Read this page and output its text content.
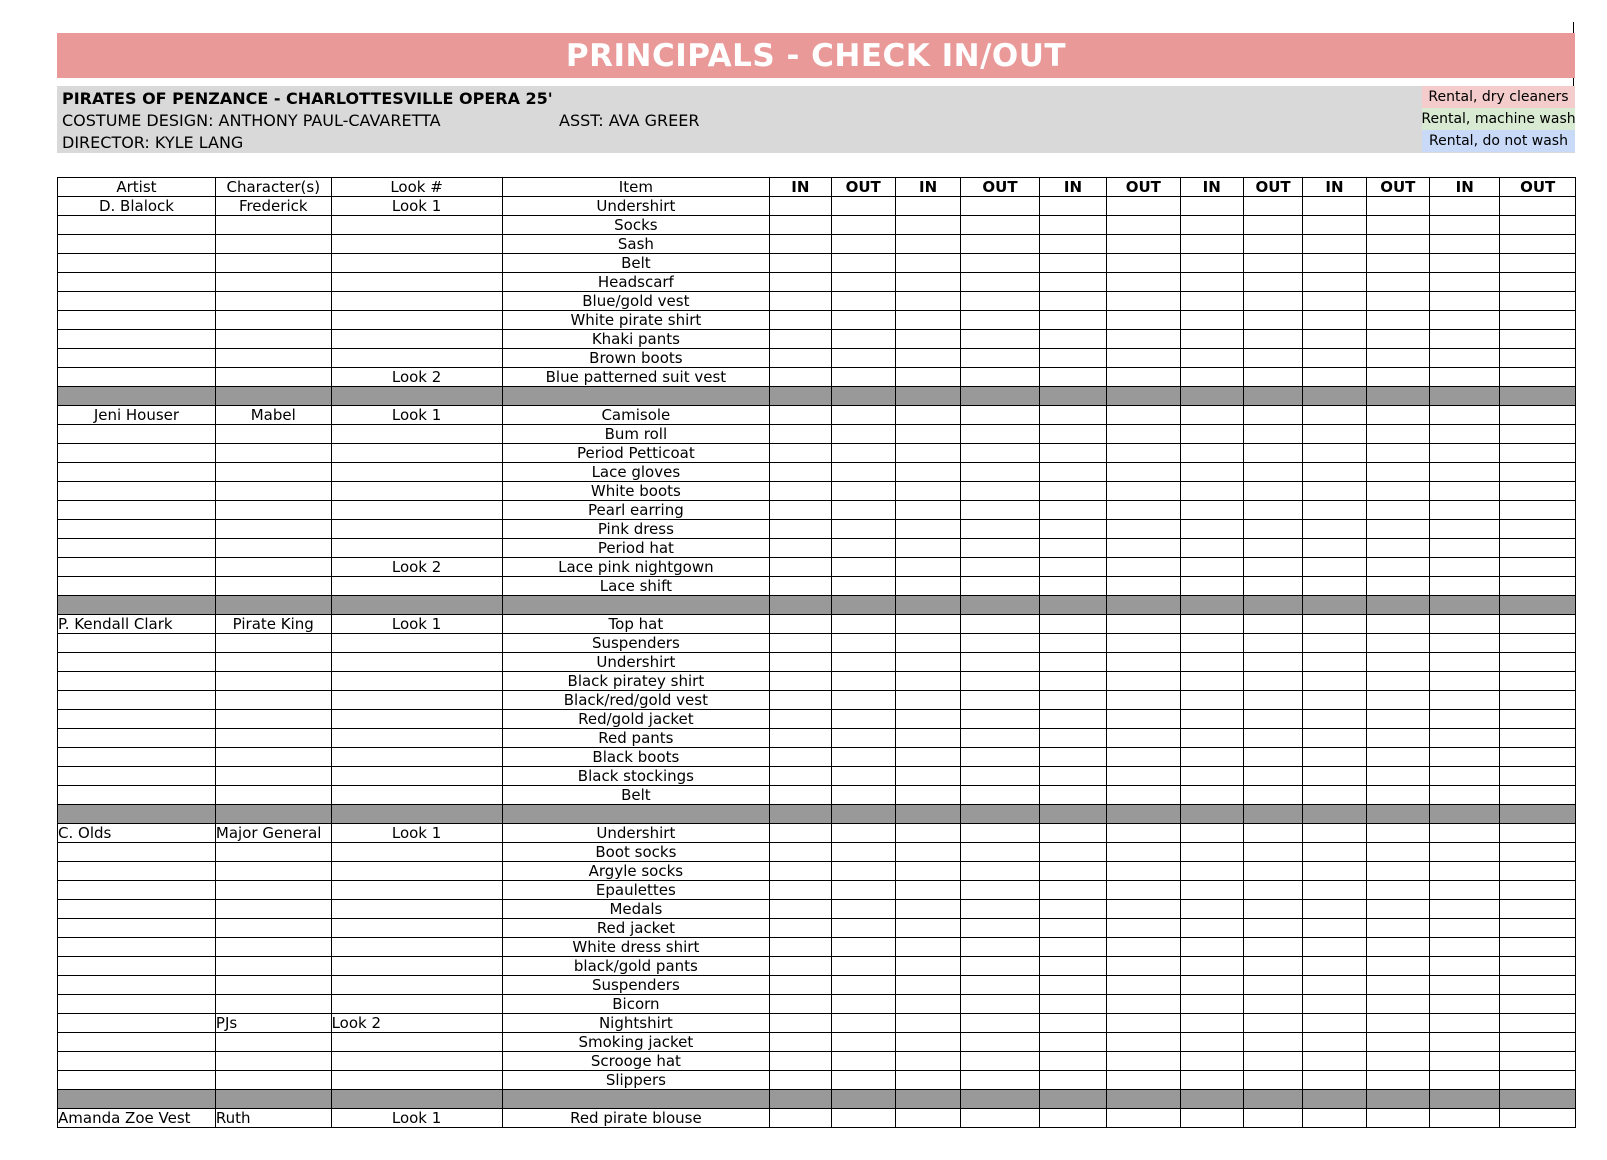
PRINCIPALS - CHECK IN/OUT
PIRATES OF PENZANCE - CHARLOTTESVILLE OPERA 25'
COSTUME DESIGN: ANTHONY PAUL-CAVARETTA	ASST: AVA GREER
DIRECTOR: KYLE LANG
Rental, dry cleaners
Rental, machine wash
Rental, do not wash
Artist	Character(s)	Look #	Item	IN	OUT	IN	OUT	IN	OUT	IN	OUT	IN	OUT	IN	OUT
D. Blalock	Frederick	Look 1	Undershirt												
			Socks												
			Sash												
			Belt												
			Headscarf												
			Blue/gold vest												
			White pirate shirt												
			Khaki pants												
			Brown boots												
		Look 2	Blue patterned suit vest												

Jeni Houser	Mabel	Look 1	Camisole												
			Bum roll												
			Period Petticoat												
			Lace gloves												
			White boots												
			Pearl earring												
			Pink dress												
			Period hat												
		Look 2	Lace pink nightgown												
			Lace shift												

P. Kendall Clark	Pirate King	Look 1	Top hat												
			Suspenders												
			Undershirt												
			Black piratey shirt												
			Black/red/gold vest												
			Red/gold jacket												
			Red pants												
			Black boots												
			Black stockings												
			Belt												

C. Olds	Major General	Look 1	Undershirt												
			Boot socks												
			Argyle socks												
			Epaulettes												
			Medals												
			Red jacket												
			White dress shirt												
			black/gold pants												
			Suspenders												
			Bicorn												
	PJs	Look 2	Nightshirt												
			Smoking jacket												
			Scrooge hat												
			Slippers												

Amanda Zoe Vest	Ruth	Look 1	Red pirate blouse												
